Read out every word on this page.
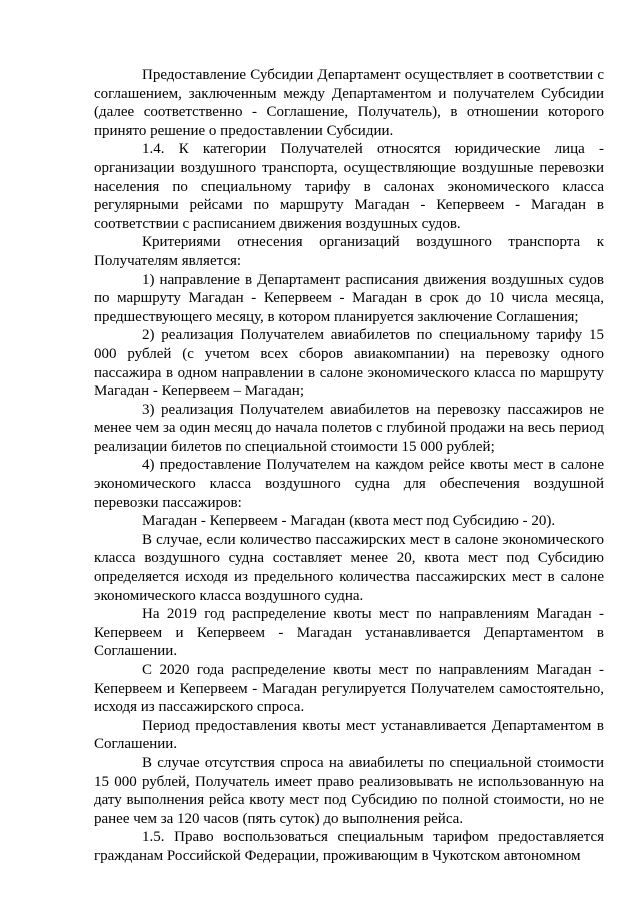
Предоставление Субсидии Департамент осуществляет в соответствии с соглашением, заключенным между Департаментом и получателем Субсидии (далее соответственно - Соглашение, Получатель), в отношении которого принято решение о предоставлении Субсидии.

1.4. К категории Получателей относятся юридические лица - организации воздушного транспорта, осуществляющие воздушные перевозки населения по специальному тарифу в салонах экономического класса регулярными рейсами по маршруту Магадан - Кепервеем - Магадан в соответствии с расписанием движения воздушных судов.

Критериями отнесения организаций воздушного транспорта к Получателям является:

1) направление в Департамент расписания движения воздушных судов по маршруту Магадан - Кепервеем - Магадан в срок до 10 числа месяца, предшествующего месяцу, в котором планируется заключение Соглашения;

2) реализация Получателем авиабилетов по специальному тарифу 15 000 рублей (с учетом всех сборов авиакомпании) на перевозку одного пассажира в одном направлении в салоне экономического класса по маршруту Магадан - Кепервеем – Магадан;

3) реализация Получателем авиабилетов на перевозку пассажиров не менее чем за один месяц до начала полетов с глубиной продажи на весь период реализации билетов по специальной стоимости 15 000 рублей;

4) предоставление Получателем на каждом рейсе квоты мест в салоне экономического класса воздушного судна для обеспечения воздушной перевозки пассажиров:

Магадан - Кепервеем - Магадан (квота мест под Субсидию - 20).

В случае, если количество пассажирских мест в салоне экономического класса воздушного судна составляет менее 20, квота мест под Субсидию определяется исходя из предельного количества пассажирских мест в салоне экономического класса воздушного судна.

На 2019 год распределение квоты мест по направлениям Магадан - Кепервеем и Кепервеем - Магадан устанавливается Департаментом в Соглашении.

С 2020 года распределение квоты мест по направлениям Магадан - Кепервеем и Кепервеем - Магадан регулируется Получателем самостоятельно, исходя из пассажирского спроса.

Период предоставления квоты мест устанавливается Департаментом в Соглашении.

В случае отсутствия спроса на авиабилеты по специальной стоимости 15 000 рублей, Получатель имеет право реализовывать не использованную на дату выполнения рейса квоту мест под Субсидию по полной стоимости, но не ранее чем за 120 часов (пять суток) до выполнения рейса.

1.5. Право воспользоваться специальным тарифом предоставляется гражданам Российской Федерации, проживающим в Чукотском автономном
